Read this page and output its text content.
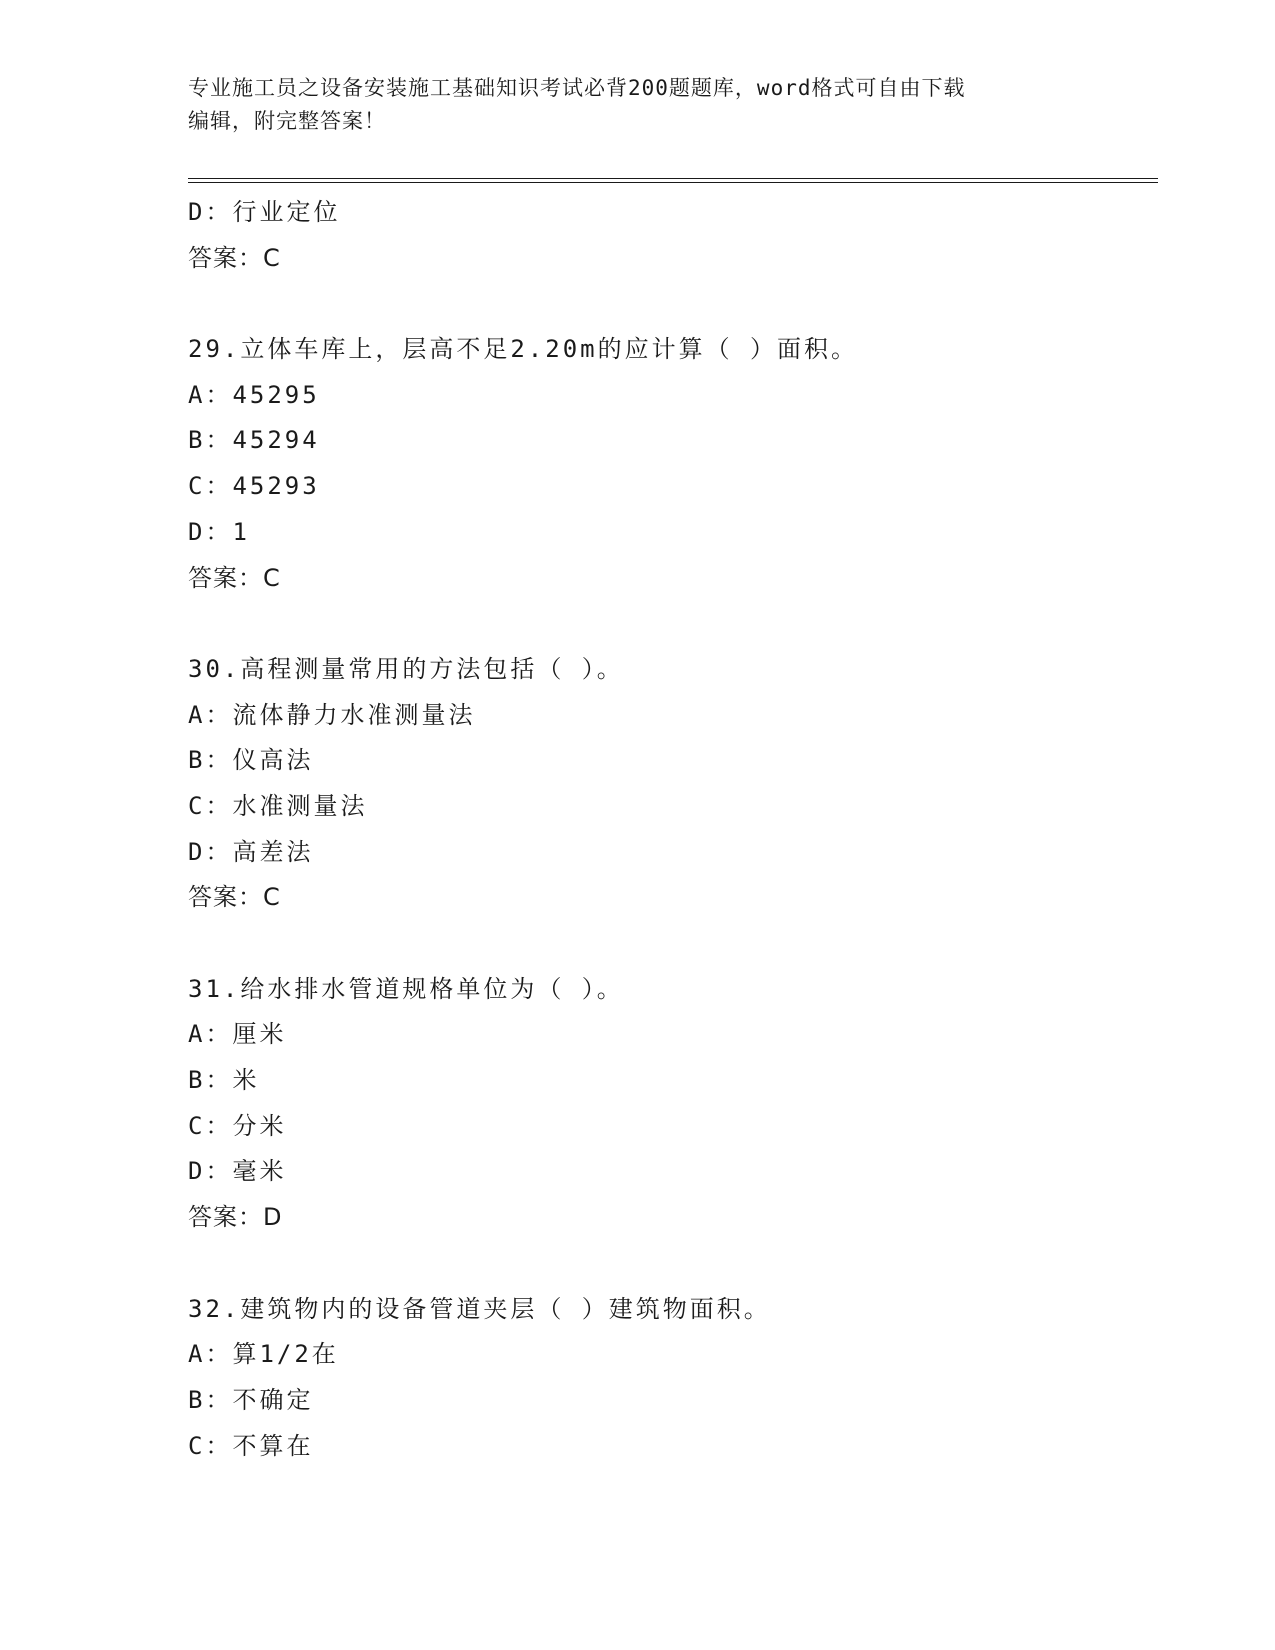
专业施工员之设备安装施工基础知识考试必背200题题库，word格式可自由下载
编辑，附完整答案！
D：行业定位
答案：C
29.立体车库上，层高不足2.20m的应计算（ ）面积。
A：45295
B：45294
C：45293
D：1
答案：C
30.高程测量常用的方法包括（ ）。
A：流体静力水准测量法
B：仪高法
C：水准测量法
D：高差法
答案：C
31.给水排水管道规格单位为（ ）。
A：厘米
B：米
C：分米
D：毫米
答案：D
32.建筑物内的设备管道夹层（ ）建筑物面积。
A：算1/2在
B：不确定
C：不算在
